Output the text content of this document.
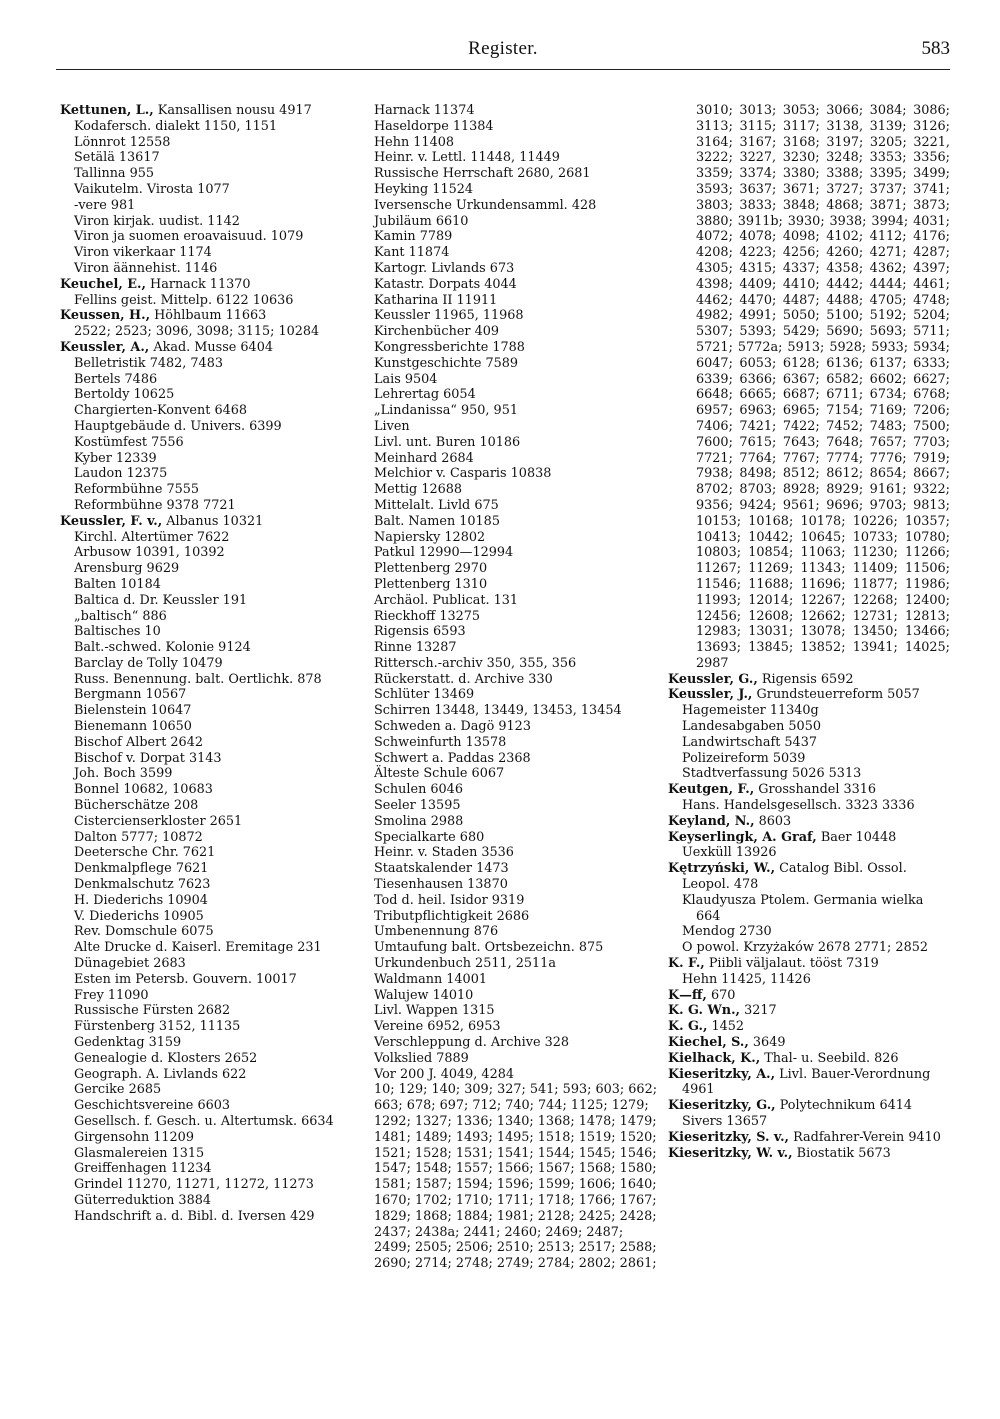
Register.	583

Kettunen, L., Kansallisen nousu 4917

Kodafersch. dialekt 1150, 1151

Lönnrot 12558

Setälä 13617

Tallinna 955

Vaikutelm. Virosta 1077

-vere 981

Viron kirjak. uudist. 1142

Viron ja suomen eroavaisuud. 1079

Viron vikerkaar 1174

Viron äännehist. 1146

Keuchel, E., Harnack 11370

Fellins geist. Mittelp. 6122 10636

Keussen, H., Höhlbaum 11663

2522; 2523; 3096, 3098; 3115; 10284

Keussler, A., Akad. Musse 6404

Belletristik 7482, 7483

Bertels 7486

Bertoldy 10625

Chargierten-Konvent 6468

Hauptgebäude d. Univers. 6399

Kostümfest 7556

Kyber 12339

Laudon 12375

Reformbühne 7555

Reformbühne 9378 7721

Keussler, F. v., Albanus 10321

Kirchl. Altertümer 7622

Arbusow 10391, 10392

Arensburg 9629

Balten 10184

Baltica d. Dr. Keussler 191

„baltisch“ 886

Baltisches 10

Balt.-schwed. Kolonie 9124

Barclay de Tolly 10479

Russ. Benennung. balt. Oertlichk. 878

Bergmann 10567

Bielenstein 10647

Bienemann 10650

Bischof Albert 2642

Bischof v. Dorpat 3143

Joh. Boch 3599

Bonnel 10682, 10683

Bücherschätze 208

Cistercienserkloster 2651

Dalton 5777; 10872

Deetersche Chr. 7621

Denkmalpflege 7621

Denkmalschutz 7623

H. Diederichs 10904

V. Diederichs 10905

Rev. Domschule 6075

Alte Drucke d. Kaiserl. Eremitage 231

Dünagebiet 2683

Esten im Petersb. Gouvern. 10017

Frey 11090

Russische Fürsten 2682

Fürstenberg 3152, 11135

Gedenktag 3159

Genealogie d. Klosters 2652

Geograph. A. Livlands 622

Gercike 2685

Geschichtsvereine 6603

Gesellsch. f. Gesch. u. Altertumsk. 6634

Girgensohn 11209

Glasmalereien 1315

Greiffenhagen 11234

Grindel 11270, 11271, 11272, 11273

Güterreduktion 3884

Handschrift a. d. Bibl. d. Iversen 429

Harnack 11374

Haseldorpe 11384

Hehn 11408

Heinr. v. Lettl. 11448, 11449

Russische Herrschaft 2680, 2681

Heyking 11524

Iversensche Urkundensamml. 428

Jubiläum 6610

Kamin 7789

Kant 11874

Kartogr. Livlands 673

Katastr. Dorpats 4044

Katharina II 11911

Keussler 11965, 11968

Kirchenbücher 409

Kongressberichte 1788

Kunstgeschichte 7589

Lais 9504

Lehrertag 6054

„Lindanissa“ 950, 951

Liven

Livl. unt. Buren 10186

Meinhard 2684

Melchior v. Casparis 10838

Mettig 12688

Mittelalt. Livld 675

Balt. Namen 10185

Napiersky 12802

Patkul 12990—12994

Plettenberg 2970

Plettenberg 1310

Archäol. Publicat. 131

Rieckhoff 13275

Rigensis 6593

Rinne 13287

Rittersch.-archiv 350, 355, 356

Rückerstatt. d. Archive 330

Schlüter 13469

Schirren 13448, 13449, 13453, 13454

Schweden a. Dagö 9123

Schweinfurth 13578

Schwert a. Paddas 2368

Älteste Schule 6067

Schulen 6046

Seeler 13595

Smolina 2988

Specialkarte 680

Heinr. v. Staden 3536

Staatskalender 1473

Tiesenhausen 13870

Tod d. heil. Isidor 9319

Tributpflichtigkeit 2686

Umbenennung 876

Umtaufung balt. Ortsbezeichn. 875

Urkundenbuch 2511, 2511a

Waldmann 14001

Walujew 14010

Livl. Wappen 1315

Vereine 6952, 6953

Verschleppung d. Archive 328

Volkslied 7889

Vor 200 J. 4049, 4284

10; 129; 140; 309; 327; 541; 593; 603; 662; 663; 678; 697; 712; 740; 744; 1125; 1279; 1292; 1327; 1336; 1340; 1368; 1478; 1479; 1481; 1489; 1493; 1495; 1518; 1519; 1520; 1521; 1528; 1531; 1541; 1544; 1545; 1546; 1547; 1548; 1557; 1566; 1567; 1568; 1580; 1581; 1587; 1594; 1596; 1599; 1606; 1640; 1670; 1702; 1710; 1711; 1718; 1766; 1767; 1829; 1868; 1884; 1981; 2128; 2425; 2428; 2437; 2438a; 2441; 2460; 2469; 2487; 2499; 2505; 2506; 2510; 2513; 2517; 2588; 2690; 2714; 2748; 2749; 2784; 2802; 2861;

3010; 3013; 3053; 3066; 3084; 3086; 3113; 3115; 3117; 3138, 3139; 3126; 3164; 3167; 3168; 3197; 3205; 3221, 3222; 3227, 3230; 3248; 3353; 3356; 3359; 3374; 3380; 3388; 3395; 3499; 3593; 3637; 3671; 3727; 3737; 3741; 3803; 3833; 3848; 4868; 3871; 3873; 3880; 3911b; 3930; 3938; 3994; 4031; 4072; 4078; 4098; 4102; 4112; 4176; 4208; 4223; 4256; 4260; 4271; 4287; 4305; 4315; 4337; 4358; 4362; 4397; 4398; 4409; 4410; 4442; 4444; 4461; 4462; 4470; 4487; 4488; 4705; 4748; 4982; 4991; 5050; 5100; 5192; 5204; 5307; 5393; 5429; 5690; 5693; 5711; 5721; 5772a; 5913; 5928; 5933; 5934; 6047; 6053; 6128; 6136; 6137; 6333; 6339; 6366; 6367; 6582; 6602; 6627; 6648; 6665; 6687; 6711; 6734; 6768; 6957; 6963; 6965; 7154; 7169; 7206; 7406; 7421; 7422; 7452; 7483; 7500; 7600; 7615; 7643; 7648; 7657; 7703; 7721; 7764; 7767; 7774; 7776; 7919; 7938; 8498; 8512; 8612; 8654; 8667; 8702; 8703; 8928; 8929; 9161; 9322; 9356; 9424; 9561; 9696; 9703; 9813; 10153; 10168; 10178; 10226; 10357; 10413; 10442; 10645; 10733; 10780; 10803; 10854; 11063; 11230; 11266; 11267; 11269; 11343; 11409; 11506; 11546; 11688; 11696; 11877; 11986; 11993; 12014; 12267; 12268; 12400; 12456; 12608; 12662; 12731; 12813; 12983; 13031; 13078; 13450; 13466; 13693; 13845; 13852; 13941; 14025; 2987

Keussler, G., Rigensis 6592

Keussler, J., Grundsteuerreform 5057

Hagemeister 11340g

Landesabgaben 5050

Landwirtschaft 5437

Polizeireform 5039

Stadtverfassung 5026 5313

Keutgen, F., Grosshandel 3316

Hans. Handelsgesellsch. 3323 3336

Keyland, N., 8603

Keyserlingk, A. Graf, Baer 10448

Uexküll 13926

Kętrzyński, W., Catalog Bibl. Ossol. Leopol. 478

Klaudyusza Ptolem. Germania wielka 664

Mendog 2730

O powol. Krzyżaków 2678 2771; 2852

K. F., Piibli väljalaut. tööst 7319

Hehn 11425, 11426

K—ff, 670

K. G. Wn., 3217

K. G., 1452

Kiechel, S., 3649

Kielhack, K., Thal- u. Seebild. 826

Kieseritzky, A., Livl. Bauer-Verordnung 4961

Kieseritzky, G., Polytechnikum 6414

Sivers 13657

Kieseritzky, S. v., Radfahrer-Verein 9410

Kieseritzky, W. v., Biostatik 5673
